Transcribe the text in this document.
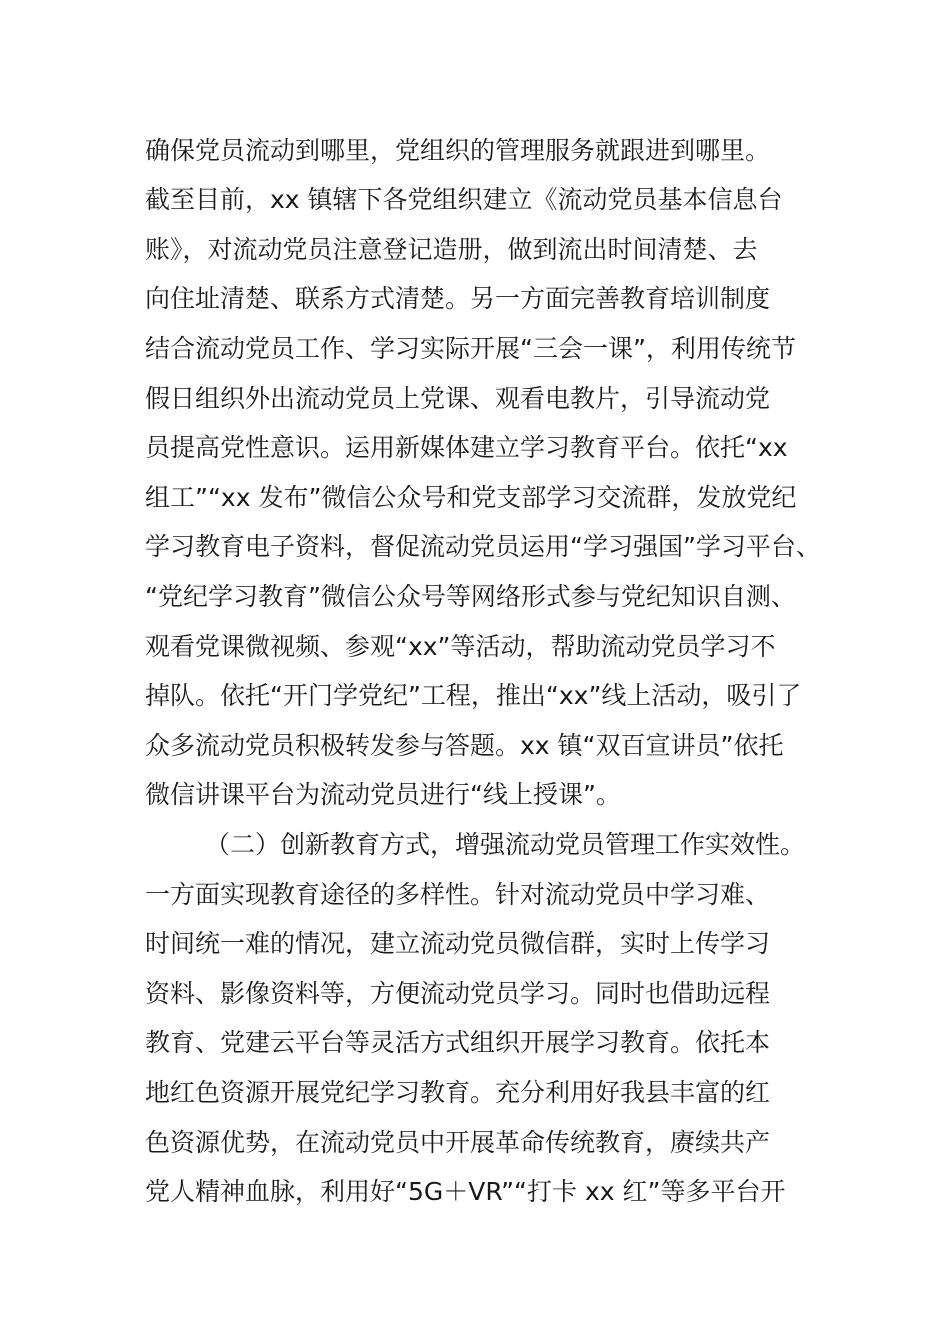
确保党员流动到哪里，党组织的管理服务就跟进到哪里。
截至目前，xx 镇辖下各党组织建立《流动党员基本信息台
账》，对流动党员注意登记造册，做到流出时间清楚、去
向住址清楚、联系方式清楚。另一方面完善教育培训制度
结合流动党员工作、学习实际开展“三会一课”，利用传统节
假日组织外出流动党员上党课、观看电教片，引导流动党
员提高党性意识。运用新媒体建立学习教育平台。依托“xx
组工”“xx 发布”微信公众号和党支部学习交流群，发放党纪
学习教育电子资料，督促流动党员运用“学习强国”学习平台、
“党纪学习教育”微信公众号等网络形式参与党纪知识自测、
观看党课微视频、参观“xx”等活动，帮助流动党员学习不
掉队。依托“开门学党纪”工程，推出“xx”线上活动，吸引了
众多流动党员积极转发参与答题。xx 镇“双百宣讲员”依托
微信讲课平台为流动党员进行“线上授课”。
（二）创新教育方式，增强流动党员管理工作实效性。
一方面实现教育途径的多样性。针对流动党员中学习难、
时间统一难的情况，建立流动党员微信群，实时上传学习
资料、影像资料等，方便流动党员学习。同时也借助远程
教育、党建云平台等灵活方式组织开展学习教育。依托本
地红色资源开展党纪学习教育。充分利用好我县丰富的红
色资源优势，在流动党员中开展革命传统教育，赓续共产
党人精神血脉，利用好“5G＋VR”“打卡 xx 红”等多平台开
